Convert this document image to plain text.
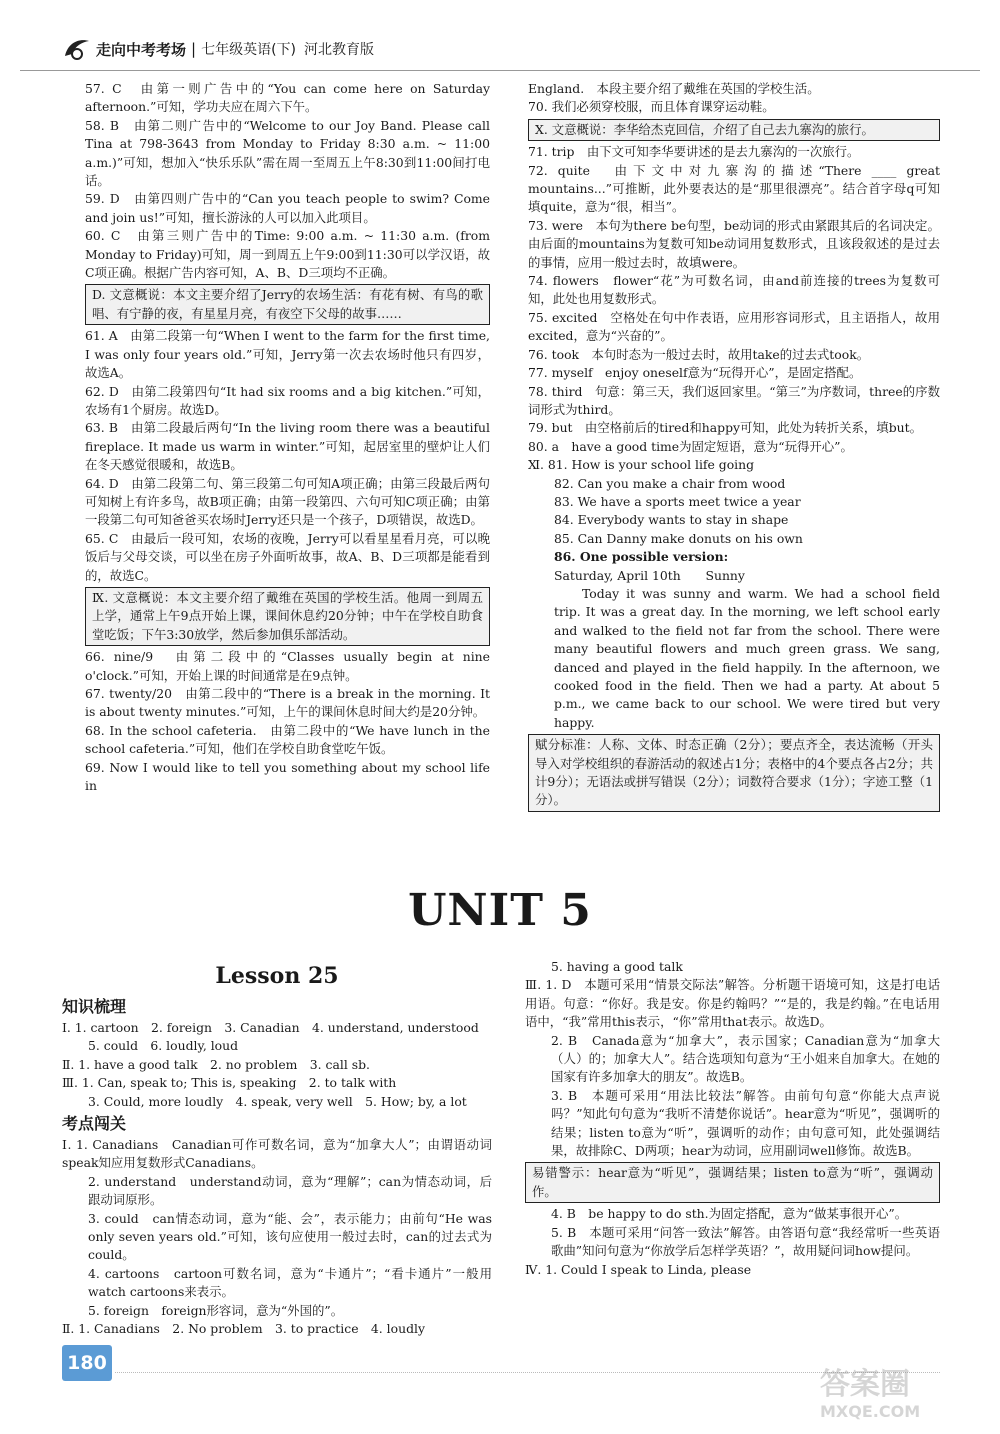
走向中考考场 | 七年级英语(下) 河北教育版

57. C　由第一则广告中的“You can come here on Saturday afternoon.”可知，学功夫应在周六下午。

58. B　由第二则广告中的“Welcome to our Joy Band. Please call Tina at 798-3643 from Monday to Friday 8:30 a.m. ~ 11:00 a.m.)”可知，想加入“快乐乐队”需在周一至周五上午8:30到11:00间打电话。

59. D　由第四则广告中的“Can you teach people to swim? Come and join us!”可知，擅长游泳的人可以加入此项目。

60. C　由第三则广告中的Time: 9:00 a.m. ~ 11:30 a.m. (from Monday to Friday)可知，周一到周五上午9:00到11:30可以学汉语，故C项正确。根据广告内容可知，A、B、D三项均不正确。

D. 文意概说：本文主要介绍了Jerry的农场生活：有花有树、有鸟的歌唱、有宁静的夜，有星星月亮，有夜空下父母的故事……

61. A　由第二段第一句“When I went to the farm for the first time, I was only four years old.”可知，Jerry第一次去农场时他只有四岁，故选A。

62. D　由第二段第四句“It had six rooms and a big kitchen.”可知，农场有1个厨房。故选D。

63. B　由第二段最后两句“In the living room there was a beautiful fireplace. It made us warm in winter.”可知，起居室里的壁炉让人们在冬天感觉很暖和，故选B。

64. D　由第二段第二句、第三段第二句可知A项正确；由第三段最后两句可知树上有许多鸟，故B项正确；由第一段第四、六句可知C项正确；由第一段第二句可知爸爸买农场时Jerry还只是一个孩子，D项错误，故选D。

65. C　由最后一段可知，农场的夜晚，Jerry可以看星星看月亮，可以晚饭后与父母交谈，可以坐在房子外面听故事，故A、B、D三项都是能看到的，故选C。

Ⅸ. 文意概说：本文主要介绍了戴维在英国的学校生活。他周一到周五上学，通常上午9点开始上课，课间休息约20分钟；中午在学校自助食堂吃饭；下午3:30放学，然后参加俱乐部活动。

66. nine/9　由第二段中的“Classes usually begin at nine o'clock.”可知，开始上课的时间通常是在9点钟。

67. twenty/20　由第二段中的“There is a break in the morning. It is about twenty minutes.”可知，上午的课间休息时间大约是20分钟。

68. In the school cafeteria.　由第二段中的“We have lunch in the school cafeteria.”可知，他们在学校自助食堂吃午饭。

69. Now I would like to tell you something about my school life in

England.　本段主要介绍了戴维在英国的学校生活。

70. 我们必须穿校服，而且体育课穿运动鞋。

Ⅹ. 文意概说：李华给杰克回信，介绍了自己去九寨沟的旅行。

71. trip　由下文可知李华要讲述的是去九寨沟的一次旅行。

72. quite　由下文中对九寨沟的描述“There ____ great mountains...”可推断，此外要表达的是“那里很漂亮”。结合首字母q可知填quite，意为“很，相当”。

73. were　本句为there be句型，be动词的形式由紧跟其后的名词决定。由后面的mountains为复数可知be动词用复数形式，且该段叙述的是过去的事情，应用一般过去时，故填were。

74. flowers　flower“花”为可数名词，由and前连接的trees为复数可知，此处也用复数形式。

75. excited　空格处在句中作表语，应用形容词形式，且主语指人，故用excited，意为“兴奋的”。

76. took　本句时态为一般过去时，故用take的过去式took。

77. myself　enjoy oneself意为“玩得开心”，是固定搭配。

78. third　句意：第三天，我们返回家里。“第三”为序数词，three的序数词形式为third。

79. but　由空格前后的tired和happy可知，此处为转折关系，填but。

80. a　have a good time为固定短语，意为“玩得开心”。

Ⅺ. 81. How is your school life going

82. Can you make a chair from wood

83. We have a sports meet twice a year

84. Everybody wants to stay in shape

85. Can Danny make donuts on his own

86. One possible version:

Saturday, April 10th　　Sunny

Today it was sunny and warm. We had a school field trip. It was a great day. In the morning, we left school early and walked to the field not far from the school. There were many beautiful flowers and much green grass. We sang, danced and played in the field happily. In the afternoon, we cooked food in the field. Then we had a party. At about 5 p.m., we came back to our school. We were tired but very happy.

赋分标准：人称、文体、时态正确（2分）；要点齐全，表达流畅（开头导入对学校组织的春游活动的叙述占1分；表格中的4个要点各占2分；共计9分）；无语法或拼写错误（2分）；词数符合要求（1分）；字迹工整（1分）。

UNIT 5
Lesson 25
知识梳理

Ⅰ. 1. cartoon　2. foreign　3. Canadian　4. understand, understood

5. could　6. loudly, loud

Ⅱ. 1. have a good talk　2. no problem　3. call sb.

Ⅲ. 1. Can, speak to; This is, speaking　2. to talk with

3. Could, more loudly　4. speak, very well　5. How; by, a lot

考点闯关

Ⅰ. 1. Canadians　Canadian可作可数名词，意为“加拿大人”；由谓语动词speak知应用复数形式Canadians。

2. understand　understand动词，意为“理解”；can为情态动词，后跟动词原形。

3. could　can情态动词，意为“能、会”，表示能力；由前句“He was only seven years old.”可知，该句应使用一般过去时，can的过去式为could。

4. cartoons　cartoon可数名词，意为“卡通片”；“看卡通片”一般用watch cartoons来表示。

5. foreign　foreign形容词，意为“外国的”。

Ⅱ. 1. Canadians　2. No problem　3. to practice　4. loudly

5. having a good talk

Ⅲ. 1. D　本题可采用“情景交际法”解答。分析题干语境可知，这是打电话用语。句意：“你好。我是安。你是约翰吗？”“是的，我是约翰。”在电话用语中，“我”常用this表示，“你”常用that表示。故选D。

2. B　Canada意为“加拿大”，表示国家；Canadian意为“加拿大（人）的；加拿大人”。结合选项知句意为“王小姐来自加拿大。在她的国家有许多加拿大的朋友”。故选B。

3. B　本题可采用“用法比较法”解答。由前句句意“你能大点声说吗？”知此句句意为“我听不清楚你说话”。hear意为“听见”，强调听的结果；listen to意为“听”，强调听的动作；由句意可知，此处强调结果，故排除C、D两项；hear为动词，应用副词well修饰。故选B。

易错警示：hear意为“听见”，强调结果；listen to意为“听”，强调动作。

4. B　be happy to do sth.为固定搭配，意为“做某事很开心”。

5. B　本题可采用“问答一致法”解答。由答语句意“我经常听一些英语歌曲”知问句意为“你放学后怎样学英语？”，故用疑问词how提问。

Ⅳ. 1. Could I speak to Linda, please

180
答案圈
MXQE.COM
